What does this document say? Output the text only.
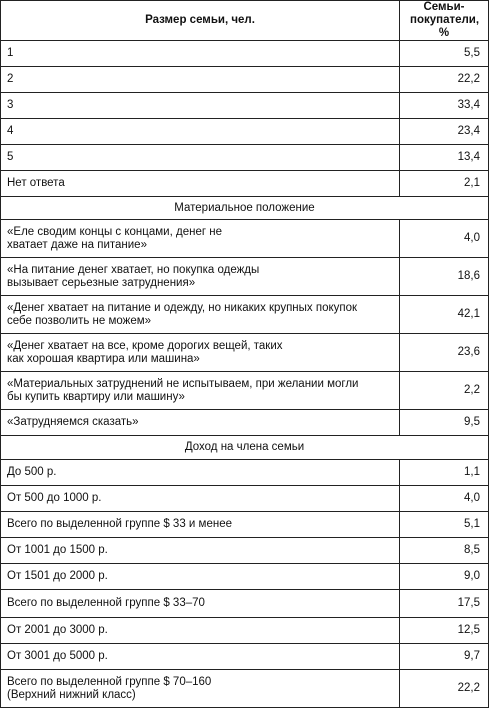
Размер семьи, чел.	Семьи-покупатели, %
1	5,5
2	22,2
3	33,4
4	23,4
5	13,4
Нет ответа	2,1
Материальное положение	

«Еле сводим концы с концами, денег не хватает даже на питание»	4,0

«На питание денег хватает, но покупка одежды вызывает серьезные затруднения»	18,6

«Денег хватает на питание и одежду, но никаких крупных покупок себе позволить не можем»	42,1

«Денег хватает на все, кроме дорогих вещей, таких как хорошая квартира или машина»	23,6

«Материальных затруднений не испытываем, при желании могли бы купить квартиру или машину»	2,2
«Затрудняемся сказать»	9,5
Доход на члена семьи	
До 500 р.	1,1
От 500 до 1000 р.	4,0
Всего по выделенной группе $ 33 и менее	5,1
От 1001 до 1500 р.	8,5
От 1501 до 2000 р.	9,0
Всего по выделенной группе $ 33–70	17,5
От 2001 до 3000 р.	12,5
От 3001 до 5000 р.	9,7

Всего по выделенной группе $ 70–160 (Верхний нижний класс)	22,2
